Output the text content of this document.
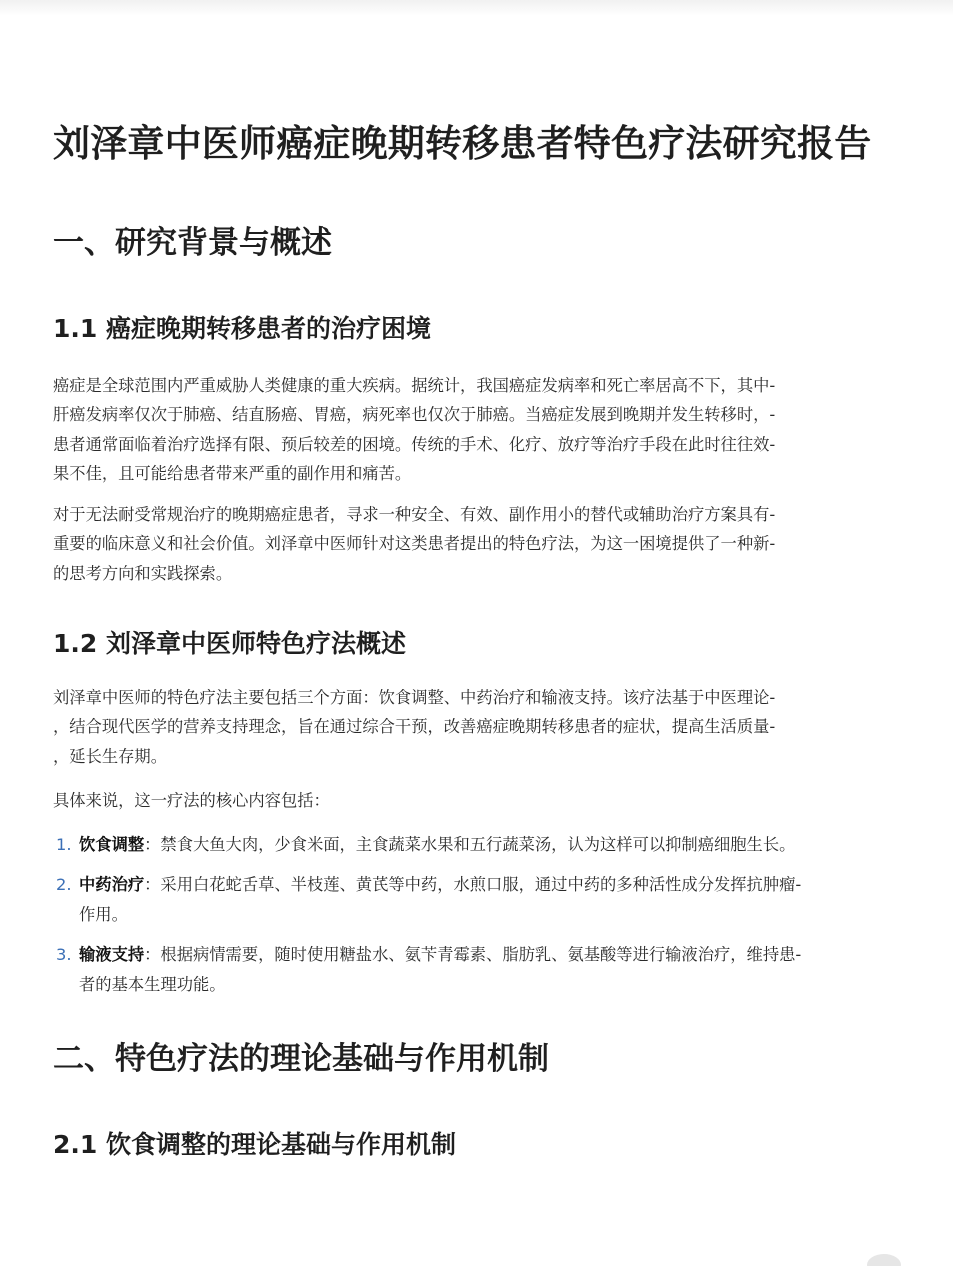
刘泽章中医师癌症晚期转移患者特色疗法研究报告
一、研究背景与概述
1.1 癌症晚期转移患者的治疗困境

癌症是全球范围内严重威胁人类健康的重大疾病。据统计，我国癌症发病率和死亡率居高不下，其中-
肝癌发病率仅次于肺癌、结直肠癌、胃癌，病死率也仅次于肺癌。当癌症发展到晚期并发生转移时，-
患者通常面临着治疗选择有限、预后较差的困境。传统的手术、化疗、放疗等治疗手段在此时往往效-
果不佳，且可能给患者带来严重的副作用和痛苦。

对于无法耐受常规治疗的晚期癌症患者，寻求一种安全、有效、副作用小的替代或辅助治疗方案具有-
重要的临床意义和社会价值。刘泽章中医师针对这类患者提出的特色疗法，为这一困境提供了一种新-
的思考方向和实践探索。

1.2 刘泽章中医师特色疗法概述

刘泽章中医师的特色疗法主要包括三个方面：饮食调整、中药治疗和输液支持。该疗法基于中医理论-
，结合现代医学的营养支持理念，旨在通过综合干预，改善癌症晚期转移患者的症状，提高生活质量-
，延长生存期。

具体来说，这一疗法的核心内容包括：

1. 饮食调整：禁食大鱼大肉，少食米面，主食蔬菜水果和五行蔬菜汤，认为这样可以抑制癌细胞生长。
2. 中药治疗：采用白花蛇舌草、半枝莲、黄芪等中药，水煎口服，通过中药的多种活性成分发挥抗肿瘤-
作用。
3. 输液支持：根据病情需要，随时使用糖盐水、氨苄青霉素、脂肪乳、氨基酸等进行输液治疗，维持患-
者的基本生理功能。
二、特色疗法的理论基础与作用机制
2.1 饮食调整的理论基础与作用机制
